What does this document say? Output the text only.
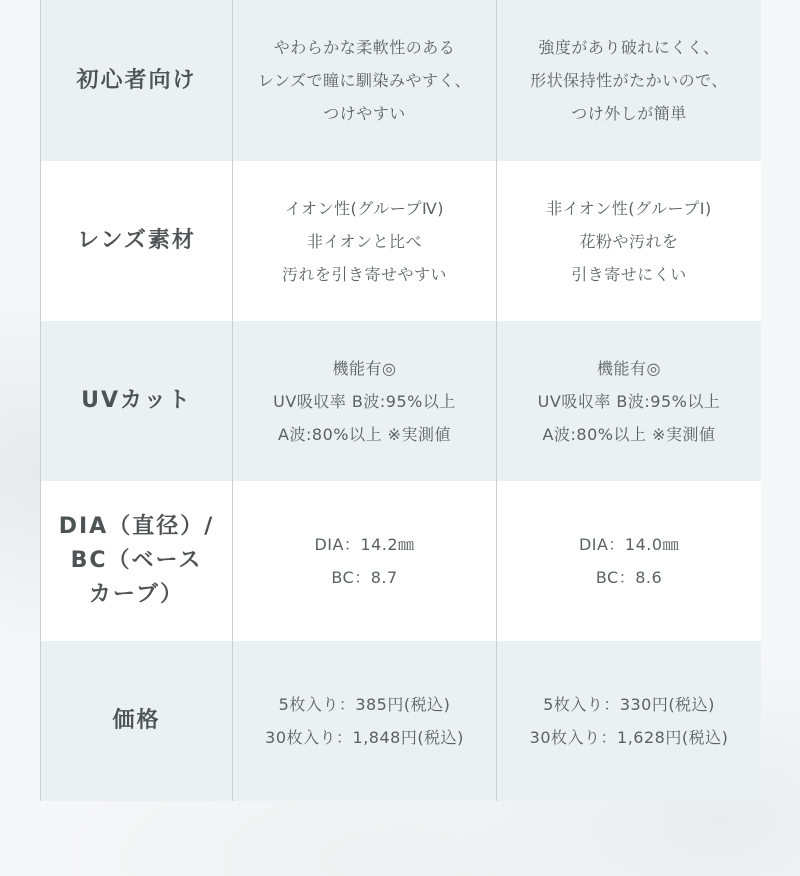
初心者向け
やわらかな柔軟性のある
レンズで瞳に馴染みやすく、
つけやすい
強度があり破れにくく、
形状保持性がたかいので、
つけ外しが簡単
レンズ素材
イオン性(グループⅣ)
非イオンと比べ
汚れを引き寄せやすい
非イオン性(グループI)
花粉や汚れを
引き寄せにくい
UVカット
機能有◎
UV吸収率 B波:95%以上
A波:80%以上 ※実測値
機能有◎
UV吸収率 B波:95%以上
A波:80%以上 ※実測値
DIA（直径）/
BC（ベース
カーブ）
DIA：14.2㎜
BC：8.7
DIA：14.0㎜
BC：8.6
価格
5枚入り：385円(税込)
30枚入り：1,848円(税込)
5枚入り：330円(税込)
30枚入り：1,628円(税込)
